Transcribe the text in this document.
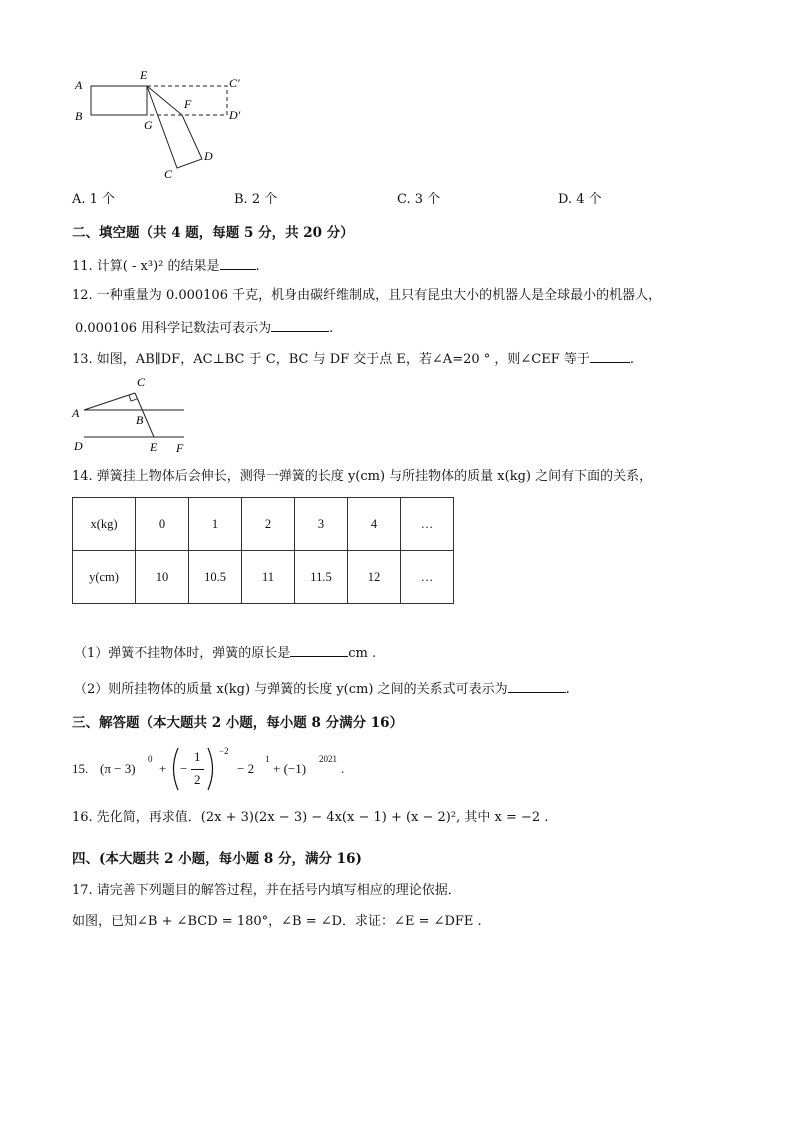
A
B
E
C′
D′
F
G
D
C
A. 1 个	B. 2 个	C. 3 个	D. 4 个
二、填空题（共 4 题，每题 5 分，共 20 分）
11. 计算( - x³)² 的结果是	.
12. 一种重量为 0.000106 千克，机身由碳纤维制成，且只有昆虫大小的机器人是全球最小的机器人，
0.000106 用科学记数法可表示为	.
13. 如图，AB∥DF，AC⊥BC 于 C，BC 与 DF 交于点 E，若∠A=20 ° ，则∠CEF 等于	.
C
A	B
D	E F
14. 弹簧挂上物体后会伸长，测得一弹簧的长度 y(cm) 与所挂物体的质量 x(kg) 之间有下面的关系，
x(kg)	0	1	2	3	4	…
y(cm)	10	10.5	11	11.5	12	…
（1）弹簧不挂物体时，弹簧的原长是	cm .
（2）则所挂物体的质量 x(kg) 与弹簧的长度 y(cm) 之间的关系式可表示为	.
三、解答题（本大题共 2 小题，每小题 8 分满分 16）
15. (π − 3)
0
+ −
1
2
−2
− 2
1
+ (−1)
2021
.
16. 先化简，再求值．(2x + 3)(2x − 3) − 4x(x − 1) + (x − 2)², 其中 x = −2 .
四、(本大题共 2 小题，每小题 8 分，满分 16)
17. 请完善下列题目的解答过程，并在括号内填写相应的理论依据．
如图，已知∠B + ∠BCD = 180°，∠B = ∠D．求证：∠E = ∠DFE .
